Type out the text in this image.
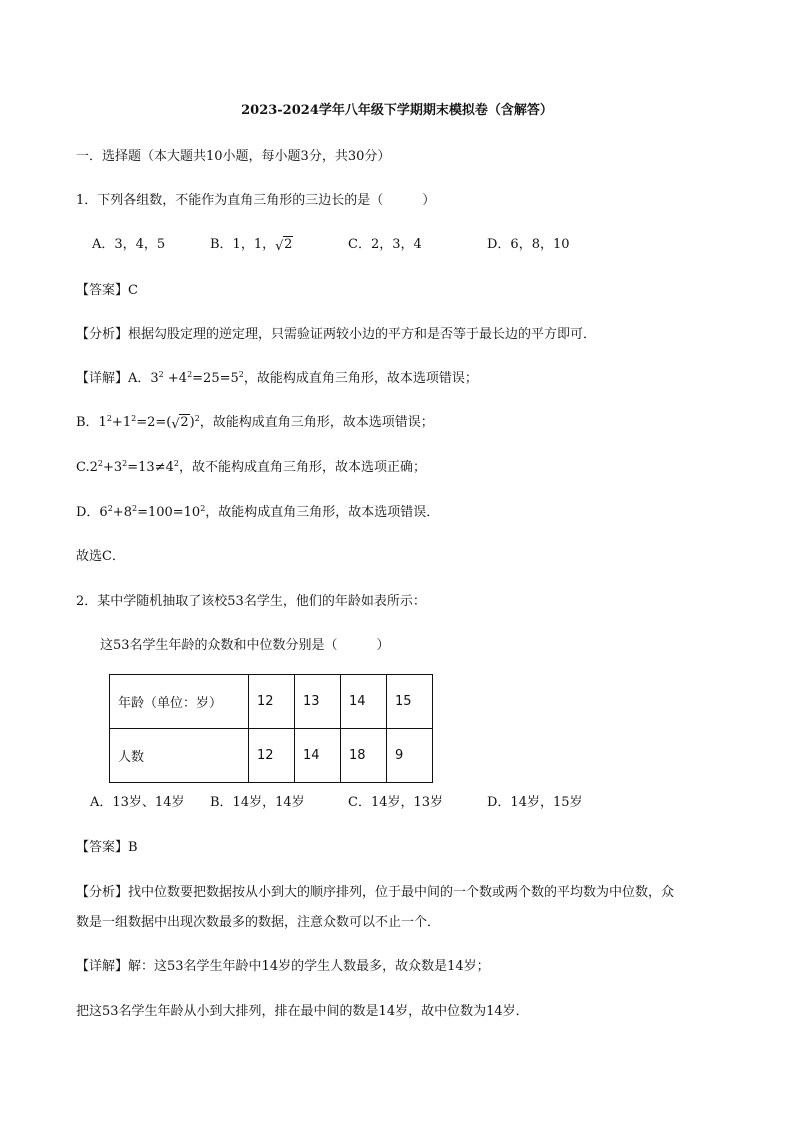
2023-2024学年八年级下学期期末模拟卷（含解答）
一．选择题（本大题共10小题，每小题3分，共30分）
1．下列各组数，不能作为直角三角形的三边长的是（　　　）
A．3，4，5	B．1，1， √ 2	C．2，3，4	D．6，8，10
【答案】C
【分析】根据勾股定理的逆定理，只需验证两较小边的平方和是否等于最长边的平方即可．
【详解】A．$3^2 +4^2=25=5^2$，故能构成直角三角形，故本选项错误；
B．$1^2+1^2=2=$( √ 2)$^2$，故能构成直角三角形，故本选项错误；
$C.2^2+3^2=13\ne 4^2$，故不能构成直角三角形，故本选项正确；
D．$6^2+8^2=100=10^2$，故能构成直角三角形，故本选项错误．
故选C．
2．某中学随机抽取了该校53名学生，他们的年龄如表所示：
这53名学生年龄的众数和中位数分别是（　　　）
年龄（单位：岁）	12	13	14	15
人数	12	14	18	9
A．13岁、14岁 B．14岁，14岁	C．14岁，13岁	D．14岁，15岁
【答案】B
【分析】找中位数要把数据按从小到大的顺序排列，位于最中间的一个数或两个数的平均数为中位数，众
数是一组数据中出现次数最多的数据，注意众数可以不止一个．
【详解】解：这53名学生年龄中14岁的学生人数最多，故众数是14岁；
把这53名学生年龄从小到大排列，排在最中间的数是14岁，故中位数为14岁．
